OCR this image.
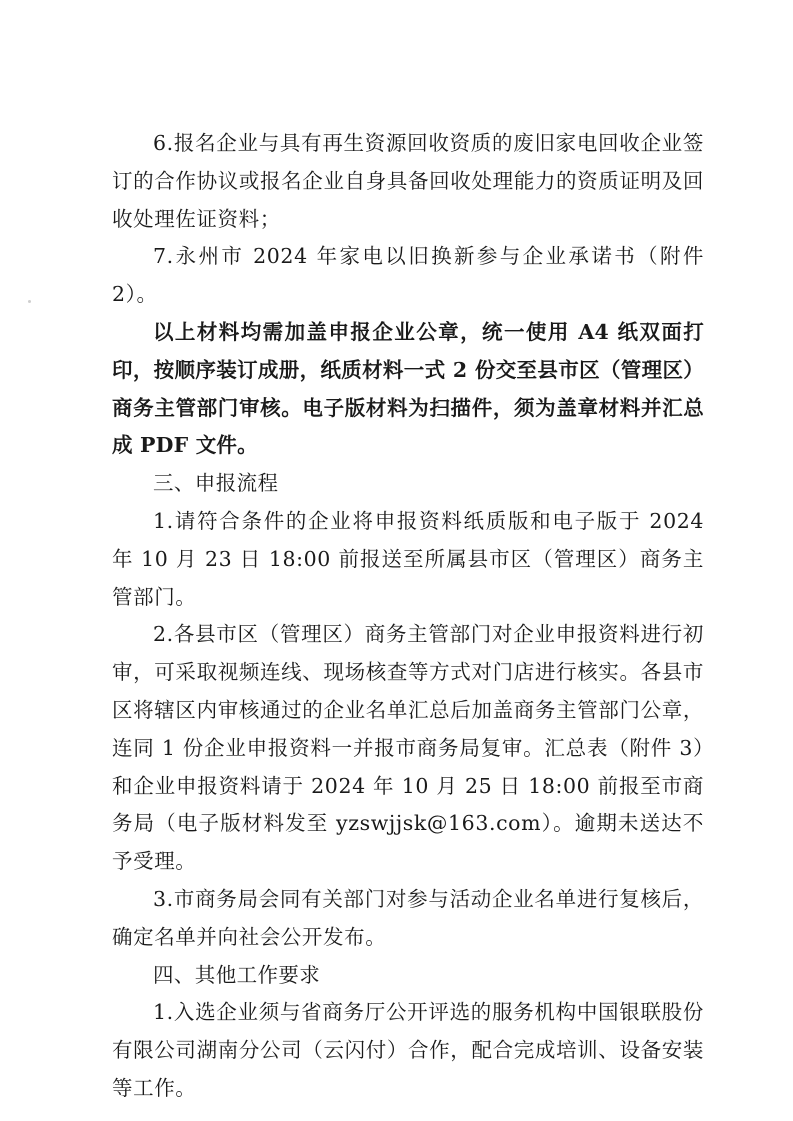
6.报名企业与具有再生资源回收资质的废旧家电回收企业签订的合作协议或报名企业自身具备回收处理能力的资质证明及回收处理佐证资料；

7.永州市 2024 年家电以旧换新参与企业承诺书（附件 2）。

以上材料均需加盖申报企业公章，统一使用 A4 纸双面打印，按顺序装订成册，纸质材料一式 2 份交至县市区（管理区）商务主管部门审核。电子版材料为扫描件，须为盖章材料并汇总成 PDF 文件。

三、申报流程

1.请符合条件的企业将申报资料纸质版和电子版于 2024 年 10 月 23 日 18:00 前报送至所属县市区（管理区）商务主管部门。

2.各县市区（管理区）商务主管部门对企业申报资料进行初审，可采取视频连线、现场核查等方式对门店进行核实。各县市区将辖区内审核通过的企业名单汇总后加盖商务主管部门公章，连同 1 份企业申报资料一并报市商务局复审。汇总表（附件 3）和企业申报资料请于 2024 年 10 月 25 日 18:00 前报至市商务局（电子版材料发至 yzswjjsk@163.com）。逾期未送达不予受理。

3.市商务局会同有关部门对参与活动企业名单进行复核后，确定名单并向社会公开发布。

四、其他工作要求

1.入选企业须与省商务厅公开评选的服务机构中国银联股份有限公司湖南分公司（云闪付）合作，配合完成培训、设备安装等工作。
